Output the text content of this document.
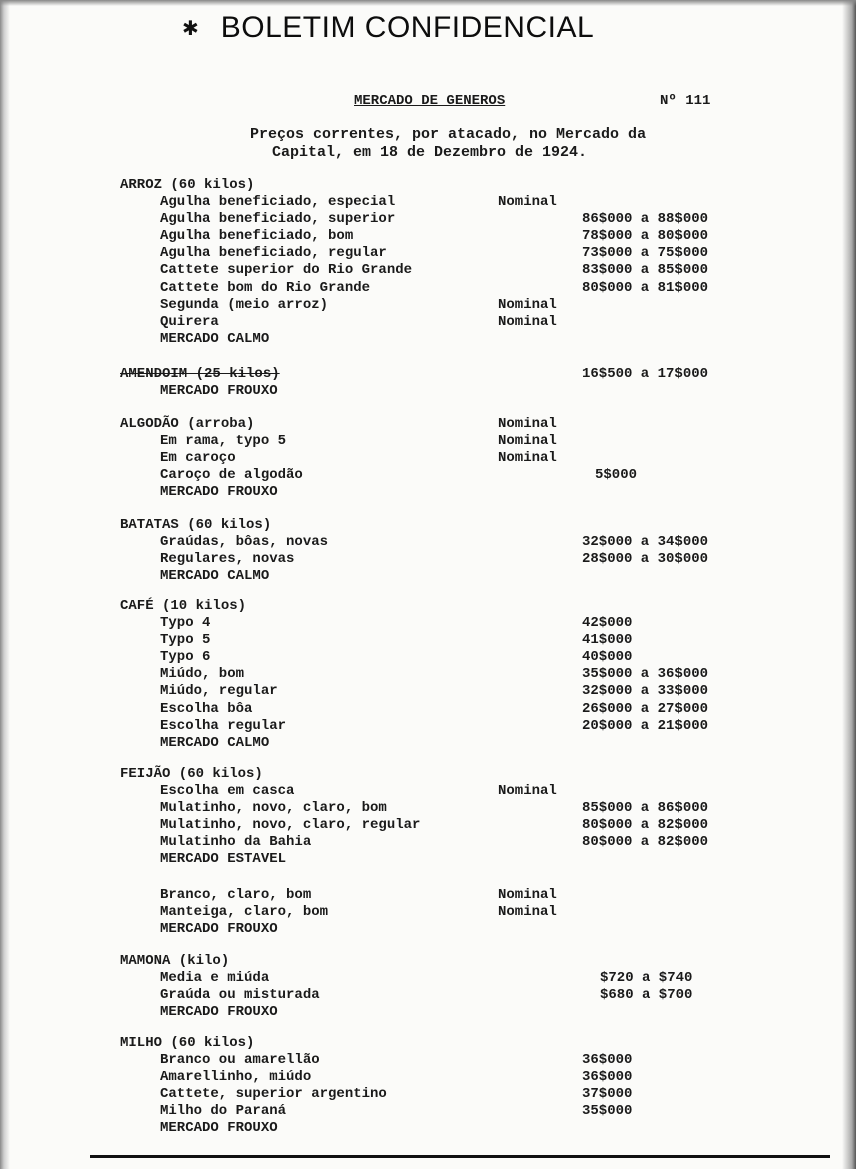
✱ BOLETIM CONFIDENCIAL
MERCADO DE GENEROS	Nº 111
Preços correntes, por atacado, no Mercado da
Capital, em 18 de Dezembro de 1924.
ARROZ (60 kilos)
Agulha beneficiado, especial	Nominal
Agulha beneficiado, superior	86$000 a 88$000
Agulha beneficiado, bom	78$000 a 80$000
Agulha beneficiado, regular	73$000 a 75$000
Cattete superior do Rio Grande	83$000 a 85$000
Cattete bom do Rio Grande	80$000 a 81$000
Segunda (meio arroz)	Nominal
Quirera	Nominal
MERCADO CALMO
AMENDOIM (25 kilos)	16$500 a 17$000
MERCADO FROUXO
ALGODÃO (arroba)	Nominal
Em rama, typo 5	Nominal
Em caroço	Nominal
Caroço de algodão	5$000
MERCADO FROUXO
BATATAS (60 kilos)
Graúdas, bôas, novas	32$000 a 34$000
Regulares, novas	28$000 a 30$000
MERCADO CALMO
CAFÉ (10 kilos)
Typo 4	42$000
Typo 5	41$000
Typo 6	40$000
Miúdo, bom	35$000 a 36$000
Miúdo, regular	32$000 a 33$000
Escolha bôa	26$000 a 27$000
Escolha regular	20$000 a 21$000
MERCADO CALMO
FEIJÃO (60 kilos)
Escolha em casca	Nominal
Mulatinho, novo, claro, bom	85$000 a 86$000
Mulatinho, novo, claro, regular	80$000 a 82$000
Mulatinho da Bahia	80$000 a 82$000
MERCADO ESTAVEL
Branco, claro, bom	Nominal
Manteiga, claro, bom	Nominal
MERCADO FROUXO
MAMONA (kilo)
Media e miúda	$720 a $740
Graúda ou misturada	$680 a $700
MERCADO FROUXO
MILHO (60 kilos)
Branco ou amarellão	36$000
Amarellinho, miúdo	36$000
Cattete, superior argentino	37$000
Milho do Paraná	35$000
MERCADO FROUXO
